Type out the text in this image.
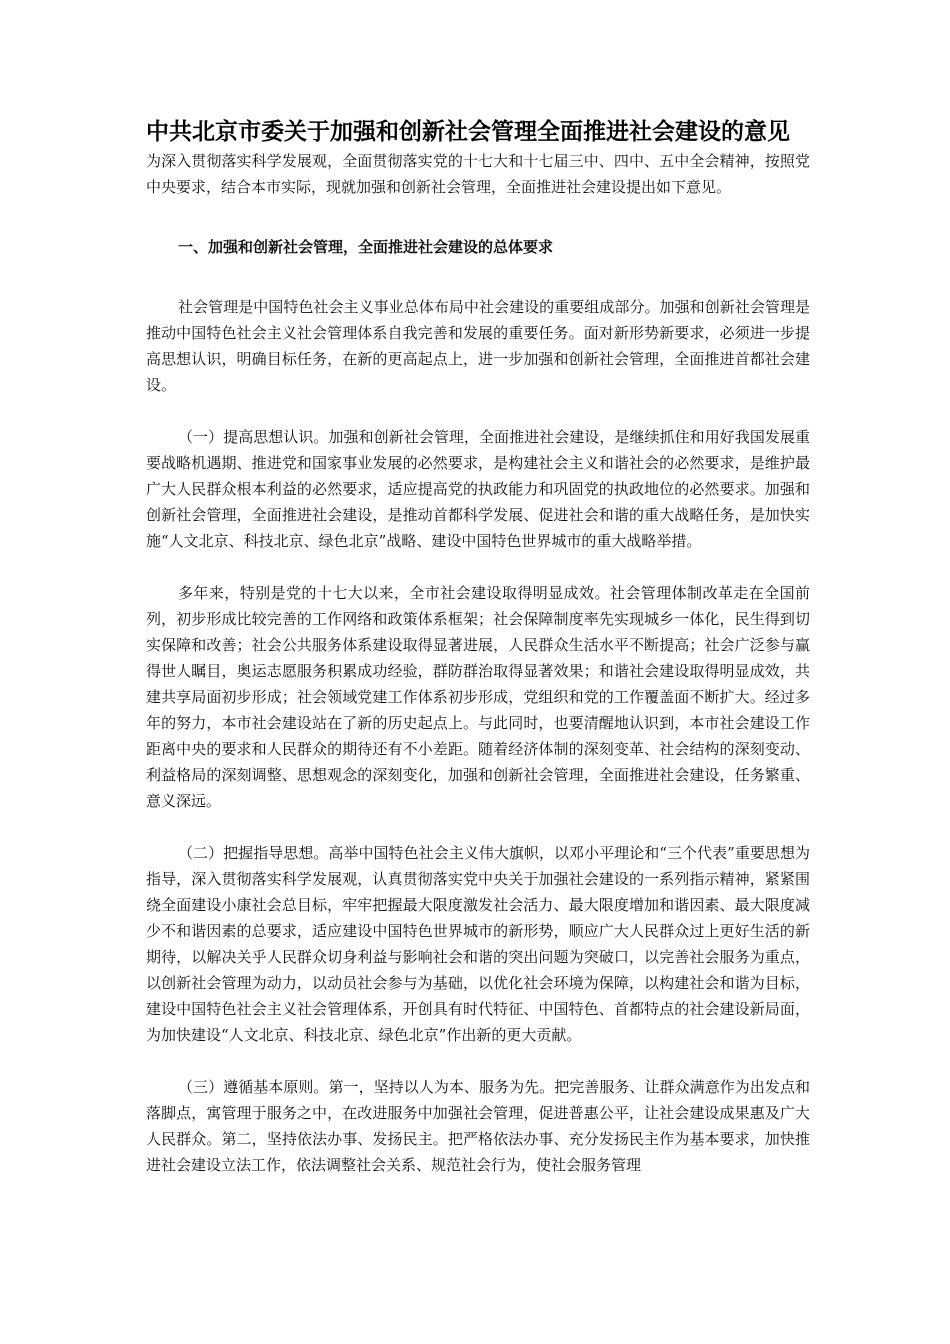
中共北京市委关于加强和创新社会管理全面推进社会建设的意见

为深入贯彻落实科学发展观，全面贯彻落实党的十七大和十七届三中、四中、五中全会精神，按照党中央要求，结合本市实际，现就加强和创新社会管理，全面推进社会建设提出如下意见。

一、加强和创新社会管理，全面推进社会建设的总体要求

社会管理是中国特色社会主义事业总体布局中社会建设的重要组成部分。加强和创新社会管理是推动中国特色社会主义社会管理体系自我完善和发展的重要任务。面对新形势新要求，必须进一步提高思想认识，明确目标任务，在新的更高起点上，进一步加强和创新社会管理，全面推进首都社会建设。

（一）提高思想认识。加强和创新社会管理，全面推进社会建设，是继续抓住和用好我国发展重要战略机遇期、推进党和国家事业发展的必然要求，是构建社会主义和谐社会的必然要求，是维护最广大人民群众根本利益的必然要求，适应提高党的执政能力和巩固党的执政地位的必然要求。加强和创新社会管理，全面推进社会建设，是推动首都科学发展、促进社会和谐的重大战略任务，是加快实施“人文北京、科技北京、绿色北京”战略、建设中国特色世界城市的重大战略举措。

多年来，特别是党的十七大以来，全市社会建设取得明显成效。社会管理体制改革走在全国前列，初步形成比较完善的工作网络和政策体系框架；社会保障制度率先实现城乡一体化，民生得到切实保障和改善；社会公共服务体系建设取得显著进展，人民群众生活水平不断提高；社会广泛参与赢得世人瞩目，奥运志愿服务积累成功经验，群防群治取得显著效果；和谐社会建设取得明显成效，共建共享局面初步形成；社会领域党建工作体系初步形成，党组织和党的工作覆盖面不断扩大。经过多年的努力，本市社会建设站在了新的历史起点上。与此同时，也要清醒地认识到，本市社会建设工作距离中央的要求和人民群众的期待还有不小差距。随着经济体制的深刻变革、社会结构的深刻变动、利益格局的深刻调整、思想观念的深刻变化，加强和创新社会管理，全面推进社会建设，任务繁重、意义深远。

（二）把握指导思想。高举中国特色社会主义伟大旗帜，以邓小平理论和“三个代表”重要思想为指导，深入贯彻落实科学发展观，认真贯彻落实党中央关于加强社会建设的一系列指示精神，紧紧围绕全面建设小康社会总目标，牢牢把握最大限度激发社会活力、最大限度增加和谐因素、最大限度减少不和谐因素的总要求，适应建设中国特色世界城市的新形势，顺应广大人民群众过上更好生活的新期待，以解决关乎人民群众切身利益与影响社会和谐的突出问题为突破口，以完善社会服务为重点，以创新社会管理为动力，以动员社会参与为基础，以优化社会环境为保障，以构建社会和谐为目标，建设中国特色社会主义社会管理体系，开创具有时代特征、中国特色、首都特点的社会建设新局面，为加快建设“人文北京、科技北京、绿色北京”作出新的更大贡献。

（三）遵循基本原则。第一，坚持以人为本、服务为先。把完善服务、让群众满意作为出发点和落脚点，寓管理于服务之中，在改进服务中加强社会管理，促进普惠公平，让社会建设成果惠及广大人民群众。第二，坚持依法办事、发扬民主。把严格依法办事、充分发扬民主作为基本要求，加快推进社会建设立法工作，依法调整社会关系、规范社会行为，使社会服务管理
